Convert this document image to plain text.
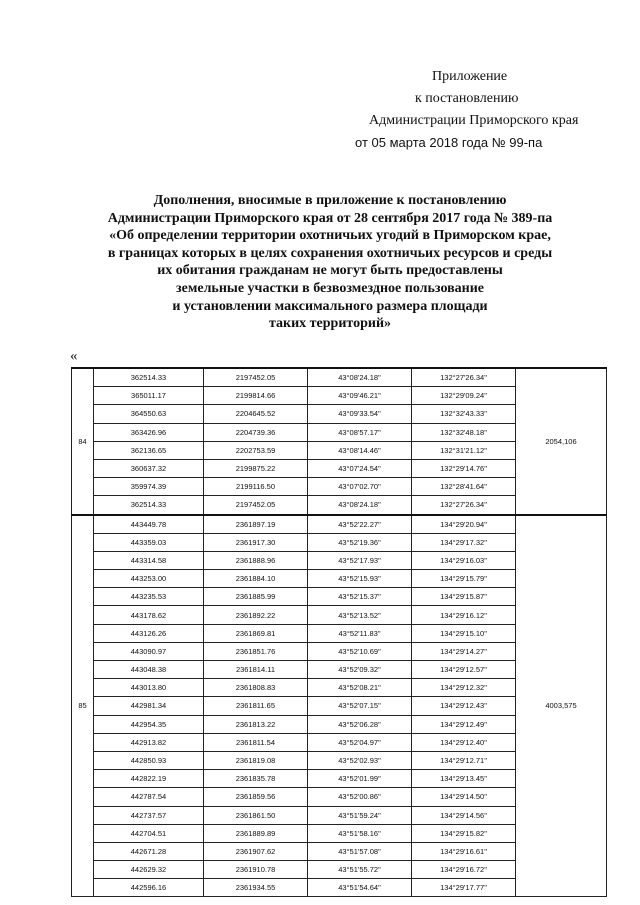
Приложение
к постановлению
Администрации Приморского края
от 05 марта 2018 года № 99-па
Дополнения, вносимые в приложение к постановлению
Администрации Приморского края от 28 сентября 2017 года № 389-па
«Об определении территории охотничьих угодий в Приморском крае,
в границах которых в целях сохранения охотничьих ресурсов и среды
их обитания гражданам не могут быть предоставлены
земельные участки в безвозмездное пользование
и установлении максимального размера площади
таких территорий»
«
84	362514.33	2197452.05	43°08'24.18"	132°27'26.34"	2054,106
	365011.17	2199814.66	43°09'46.21"	132°29'09.24"	
	364550.63	2204645.52	43°09'33.54"	132°32'43.33"	
	363426.96	2204739.36	43°08'57.17"	132°32'48.18"	
	362136.65	2202753.59	43°08'14.46"	132°31'21.12"	
	360637.32	2199875.22	43°07'24.54"	132°29'14.76"	
	359974.39	2199116.50	43°07'02.70"	132°28'41.64"	
	362514.33	2197452.05	43°08'24.18"	132°27'26.34"	
85	443449.78	2361897.19	43°52'22.27"	134°29'20.94"	4003,575
	443359.03	2361917.30	43°52'19.36"	134°29'17.32"	
	443314.58	2361888.96	43°52'17.93"	134°29'16.03"	
	443253.00	2361884.10	43°52'15.93"	134°29'15.79"	
	443235.53	2361885.99	43°52'15.37"	134°29'15.87"	
	443178.62	2361892.22	43°52'13.52"	134°29'16.12"	
	443126.26	2361869.81	43°52'11.83"	134°29'15.10"	
	443090.97	2361851.76	43°52'10.69"	134°29'14.27"	
	443048.38	2361814.11	43°52'09.32"	134°29'12.57"	
	443013.80	2361808.83	43°52'08.21"	134°29'12.32"	
	442981.34	2361811.65	43°52'07.15"	134°29'12.43"	
	442954.35	2361813.22	43°52'06.28"	134°29'12.49"	
	442913.82	2361811.54	43°52'04.97"	134°29'12.40"	
	442850.93	2361819.08	43°52'02.93"	134°29'12.71"	
	442822.19	2361835.78	43°52'01.99"	134°29'13.45"	
	442787.54	2361859.56	43°52'00.86"	134°29'14.50"	
	442737.57	2361861.50	43°51'59.24"	134°29'14.56"	
	442704.51	2361889.89	43°51'58.16"	134°29'15.82"	
	442671.28	2361907.62	43°51'57.08"	134°29'16.61"	
	442629.32	2361910.78	43°51'55.72"	134°29'16.72"	
	442596.16	2361934.55	43°51'54.64"	134°29'17.77"	
